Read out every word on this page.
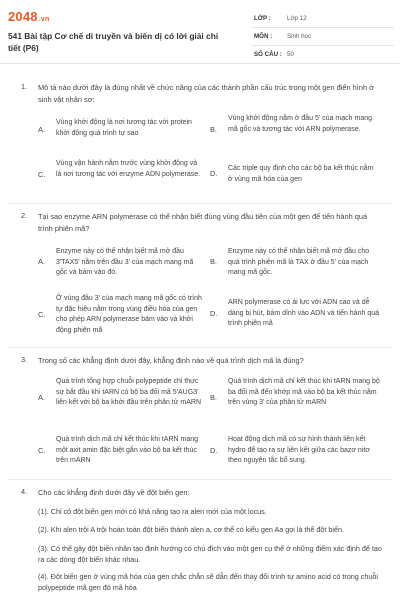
2048.vn
541 Bài tập Cơ chế di truyền và biến dị có lời giải chi tiết (P6)
LỚP :	Lớp 12
MÔN :	Sinh học
SỐ CÂU : 50
1. Mô tả nào dưới đây là đúng nhất về chức năng của các thành phần cấu trúc trong một gen điển hình ở sinh vật nhân sơ:
A.
Vùng khởi động là nơi tương tác với protein khởi động quá trình tự sao	B.
Vùng khởi động nằm ở đầu 5' của mạch mang mã gốc và tương tác với ARN polymerase.
C.
Vùng vận hành nằm trước vùng khởi động và là nơi tương tác với enzyme ADN polymerase. D.
Các triple quy định cho các bộ ba kết thúc nằm ở vùng mã hóa của gen
2. Tại sao enzyme ARN polymerase có thể nhận biết đúng vùng đầu tiên của một gen để tiến hành quá trình phiên mã?
A.
Enzyme này có thể nhận biết mã mở đầu 3'TAX5' nằm trên đầu 3' của mạch mang mã gốc và bám vào đó.
B.
Enzyme này có thể nhận biết mã mở đầu cho quá trình phiên mã là TAX ở đầu 5' của mạch mang mã gốc.
C.
Ở vùng đầu 3' của mạch mang mã gốc có trình tự đặc hiệu nằm trong vùng điều hòa của gen cho phép ARN polymerase bám vào và khởi động phiên mã
D.
ARN polymerase có ái lực với ADN cao và dễ dàng bị hút, bám dính vào ADN và tiến hành quá trình phiên mã
3. Trong số các khẳng định dưới đây, khẳng định nào về quá trình dịch mã là đúng?
A.
Quá trình tổng hợp chuỗi polypeptide chỉ thực sự bắt đầu khi tARN có bộ ba đối mã 5'AUG3' liên kết với bộ ba khởi đầu trên phân tử mARN
B.
Quá trình dịch mã chỉ kết thúc khi tARN mang bộ ba đối mã đến khớp mã vào bộ ba kết thúc nằm trên vùng 3' của phân tử mARN
C.
Quá trình dịch mã chỉ kết thúc khi tARN mang một axit amin đặc biệt gắn vào bộ ba kết thúc trên mARN
D.
Hoạt động dịch mã có sự hình thành liên kết hydro để tạo ra sự liên kết giữa các bazơ nitơ theo nguyên tắc bổ sung.
4. Cho các khẳng định dưới đây về đột biến gen:
(1). Chỉ có đột biến gen mới có khả năng tạo ra alen mới của một locus.
(2). Khi alen trội A trội hoàn toàn đột biến thành alen a, cơ thể có kiểu gen Aa gọi là thể đột biến.
(3). Có thể gây đột biến nhân tạo định hướng có chủ đích vào một gen cụ thể ở những điểm xác định để tạo ra các dòng đột biến khác nhau.
(4). Đột biến gen ở vùng mã hóa của gen chắc chắn sẽ dẫn đến thay đổi trình tự amino acid có trong chuỗi polypeptide mã gen đó mã hóa
